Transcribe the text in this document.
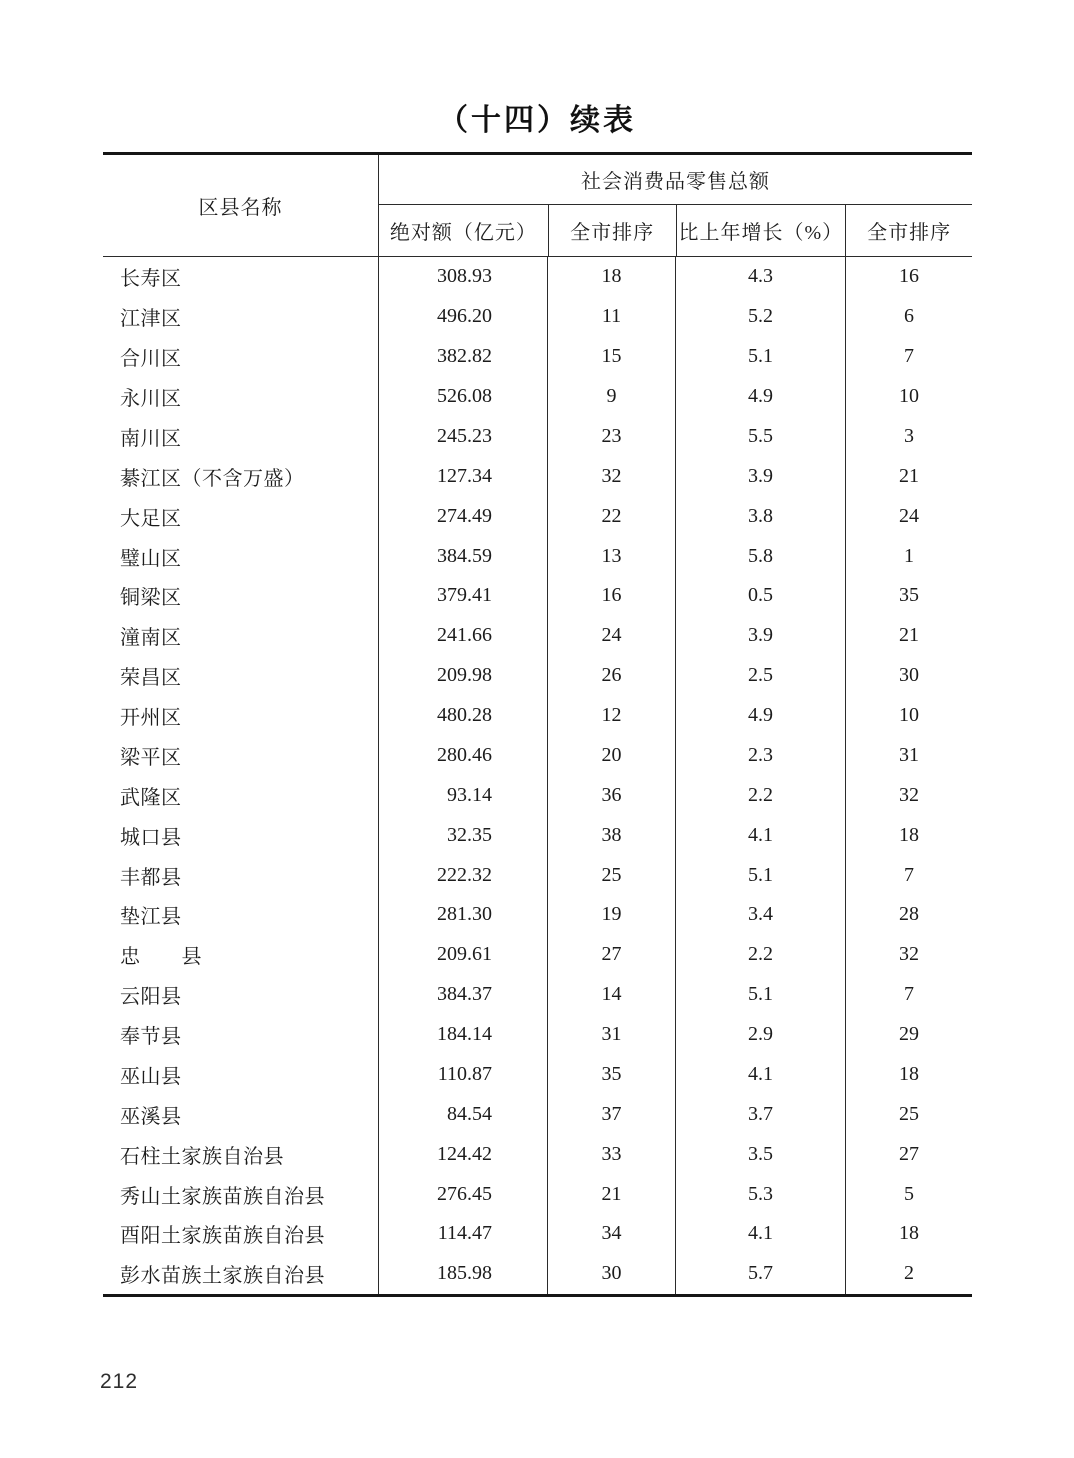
（十四）续表
区县名称
社会消费品零售总额
绝对额（亿元）	全市排序	比上年增长（%）	全市排序
长寿区	308.93	18	4.3	16
江津区	496.20	11	5.2	6
合川区	382.82	15	5.1	7
永川区	526.08	9	4.9	10
南川区	245.23	23	5.5	3
綦江区（不含万盛）	127.34	32	3.9	21
大足区	274.49	22	3.8	24
璧山区	384.59	13	5.8	1
铜梁区	379.41	16	0.5	35
潼南区	241.66	24	3.9	21
荣昌区	209.98	26	2.5	30
开州区	480.28	12	4.9	10
梁平区	280.46	20	2.3	31
武隆区	93.14	36	2.2	32
城口县	32.35	38	4.1	18
丰都县	222.32	25	5.1	7
垫江县	281.30	19	3.4	28
忠　　县	209.61	27	2.2	32
云阳县	384.37	14	5.1	7
奉节县	184.14	31	2.9	29
巫山县	110.87	35	4.1	18
巫溪县	84.54	37	3.7	25
石柱土家族自治县	124.42	33	3.5	27
秀山土家族苗族自治县	276.45	21	5.3	5
酉阳土家族苗族自治县	114.47	34	4.1	18
彭水苗族土家族自治县	185.98	30	5.7	2
212
